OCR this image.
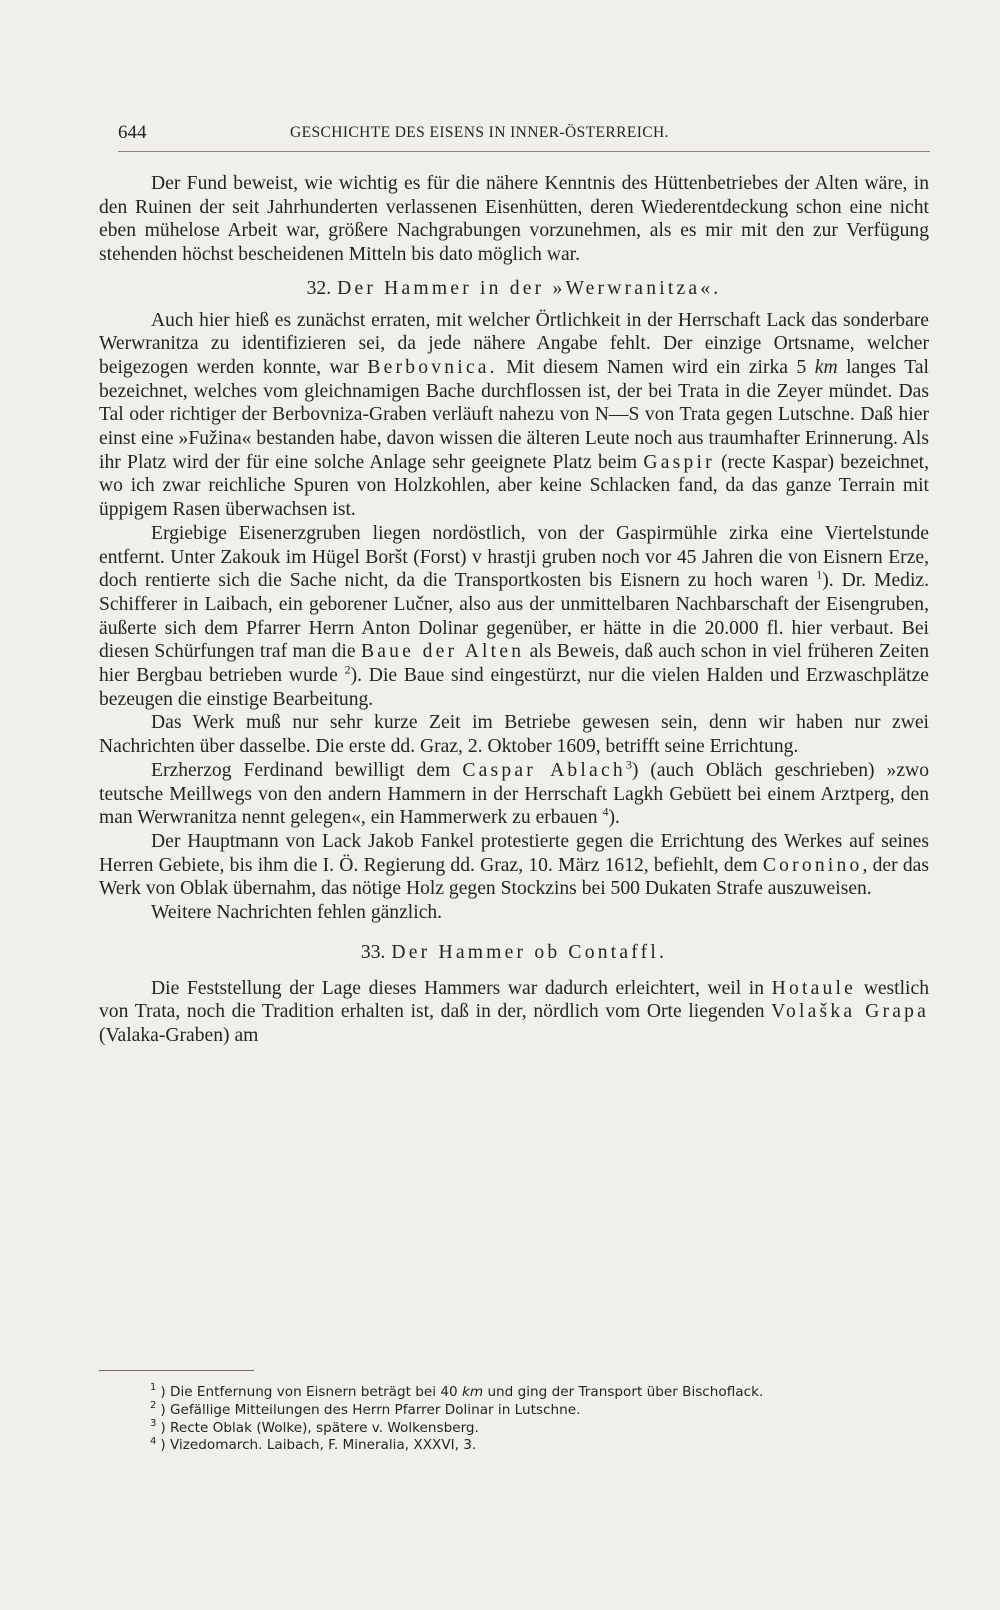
644	GESCHICHTE DES EISENS IN INNER-ÖSTERREICH.

Der Fund beweist, wie wichtig es für die nähere Kenntnis des Hüttenbetriebes der Alten wäre, in den Ruinen der seit Jahrhunderten verlassenen Eisenhütten, deren Wiederentdeckung schon eine nicht eben mühelose Arbeit war, größere Nachgrabungen vorzunehmen, als es mir mit den zur Verfügung stehenden höchst bescheidenen Mitteln bis dato möglich war.

32. Der Hammer in der »Werwranitza«.

Auch hier hieß es zunächst erraten, mit welcher Örtlichkeit in der Herrschaft Lack das sonderbare Werwranitza zu identifizieren sei, da jede nähere Angabe fehlt. Der einzige Ortsname, welcher beigezogen werden konnte, war Berbovnica. Mit diesem Namen wird ein zirka 5 km langes Tal bezeichnet, welches vom gleichnamigen Bache durchflossen ist, der bei Trata in die Zeyer mündet. Das Tal oder richtiger der Berbovniza-Graben verläuft nahezu von N—S von Trata gegen Lutschne. Daß hier einst eine »Fužina« bestanden habe, davon wissen die älteren Leute noch aus traumhafter Erinnerung. Als ihr Platz wird der für eine solche Anlage sehr geeignete Platz beim Gaspir (recte Kaspar) bezeichnet, wo ich zwar reichliche Spuren von Holzkohlen, aber keine Schlacken fand, da das ganze Terrain mit üppigem Rasen überwachsen ist.

Ergiebige Eisenerzgruben liegen nordöstlich, von der Gaspirmühle zirka eine Viertelstunde entfernt. Unter Zakouk im Hügel Boršt (Forst) v hrastji gruben noch vor 45 Jahren die von Eisnern Erze, doch rentierte sich die Sache nicht, da die Transportkosten bis Eisnern zu hoch waren $^1$). Dr. Mediz. Schifferer in Laibach, ein geborener Lučner, also aus der unmittelbaren Nachbarschaft der Eisengruben, äußerte sich dem Pfarrer Herrn Anton Dolinar gegenüber, er hätte in die 20.000 fl. hier verbaut. Bei diesen Schürfungen traf man die Baue der Alten als Beweis, daß auch schon in viel früheren Zeiten hier Bergbau betrieben wurde $^2$). Die Baue sind eingestürzt, nur die vielen Halden und Erzwaschplätze bezeugen die einstige Bearbeitung.

Das Werk muß nur sehr kurze Zeit im Betriebe gewesen sein, denn wir haben nur zwei Nachrichten über dasselbe. Die erste dd. Graz, 2. Oktober 1609, betrifft seine Errichtung.

Erzherzog Ferdinand bewilligt dem Caspar Ablach$^3$) (auch Obläch geschrieben) »zwo teutsche Meillwegs von den andern Hammern in der Herrschaft Lagkh Gebüett bei einem Arztperg, den man Werwranitza nennt gelegen«, ein Hammerwerk zu erbauen $^4$).

Der Hauptmann von Lack Jakob Fankel protestierte gegen die Errichtung des Werkes auf seines Herren Gebiete, bis ihm die I. Ö. Regierung dd. Graz, 10. März 1612, befiehlt, dem Coronino, der das Werk von Oblak übernahm, das nötige Holz gegen Stockzins bei 500 Dukaten Strafe auszuweisen.

Weitere Nachrichten fehlen gänzlich.

33. Der Hammer ob Contaffl.

Die Feststellung der Lage dieses Hammers war dadurch erleichtert, weil in Hotaule westlich von Trata, noch die Tradition erhalten ist, daß in der, nördlich vom Orte liegenden Volaška Grapa (Valaka-Graben) am

$^1$ ) Die Entfernung von Eisnern beträgt bei 40 km und ging der Transport über Bischoflack.
$^2$ ) Gefällige Mitteilungen des Herrn Pfarrer Dolinar in Lutschne.
$^3$ ) Recte Oblak (Wolke), spätere v. Wolkensberg.
$^4$ ) Vizedomarch. Laibach, F. Mineralia, XXXVI, 3.
